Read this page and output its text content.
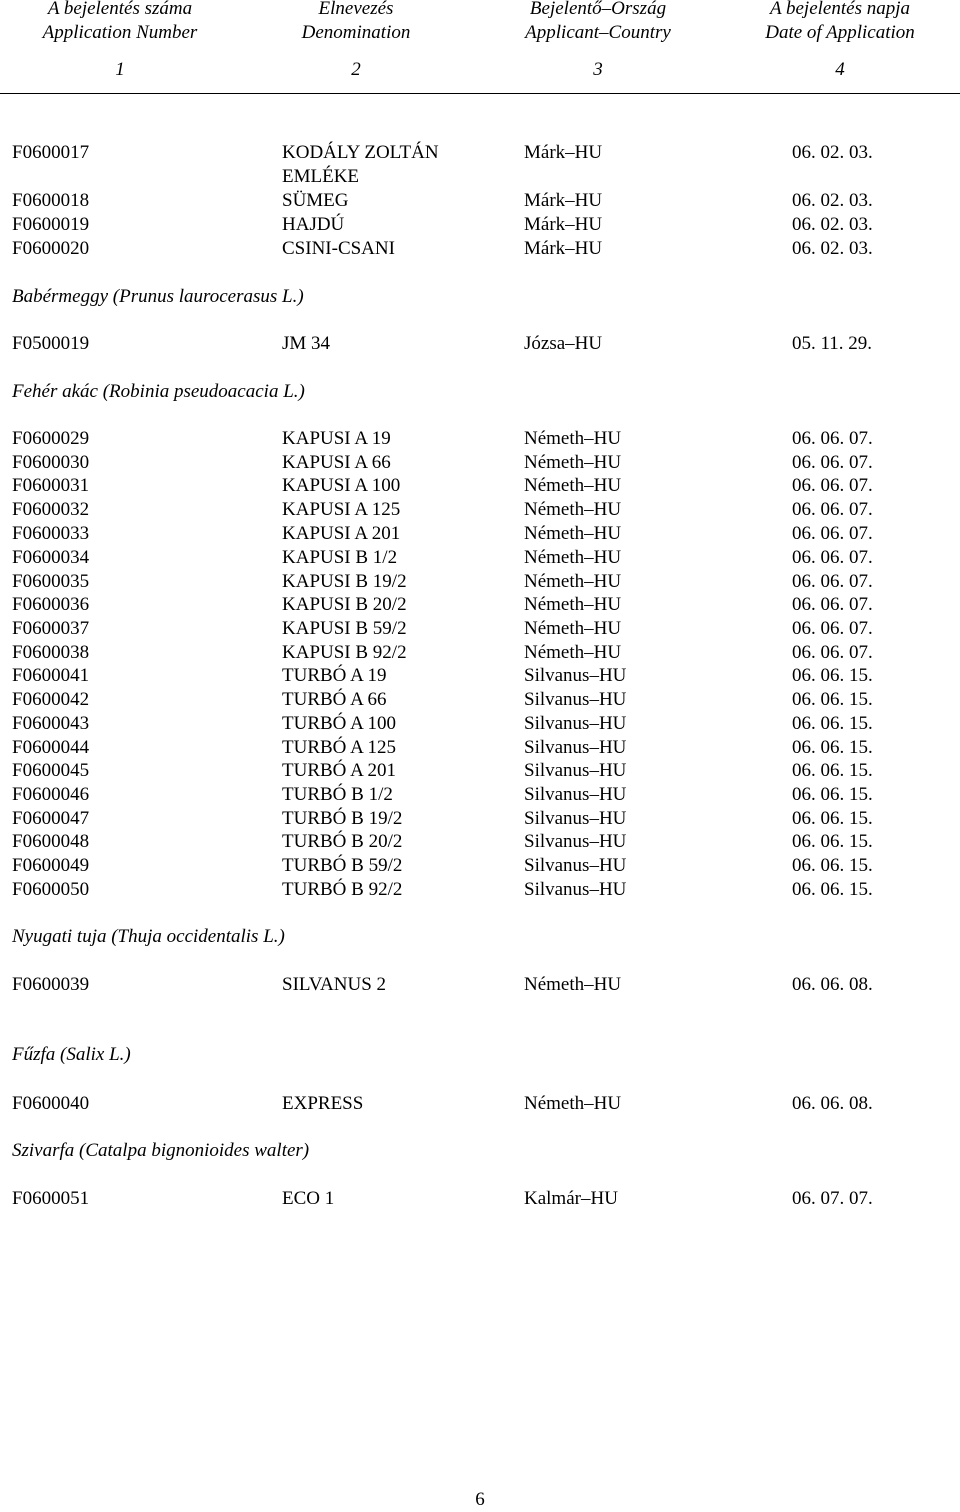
A bejelentés száma
Application Number
Elnevezés
Denomination
Bejelentő–Ország
Applicant–Country
A bejelentés napja
Date of Application
1	2	3	4
F0600017	KODÁLY ZOLTÁN	Márk–HU	06. 02. 03.
EMLÉKE
F0600018	SÜMEG	Márk–HU	06. 02. 03.
F0600019	HAJDÚ	Márk–HU	06. 02. 03.
F0600020	CSINI-CSANI	Márk–HU	06. 02. 03.
Babérmeggy (Prunus laurocerasus L.)
F0500019	JM 34	Józsa–HU	05. 11. 29.
Fehér akác (Robinia pseudoacacia L.)
F0600029	KAPUSI A 19	Németh–HU	06. 06. 07.
F0600030	KAPUSI A 66	Németh–HU	06. 06. 07.
F0600031	KAPUSI A 100	Németh–HU	06. 06. 07.
F0600032	KAPUSI A 125	Németh–HU	06. 06. 07.
F0600033	KAPUSI A 201	Németh–HU	06. 06. 07.
F0600034	KAPUSI B 1/2	Németh–HU	06. 06. 07.
F0600035	KAPUSI B 19/2	Németh–HU	06. 06. 07.
F0600036	KAPUSI B 20/2	Németh–HU	06. 06. 07.
F0600037	KAPUSI B 59/2	Németh–HU	06. 06. 07.
F0600038	KAPUSI B 92/2	Németh–HU	06. 06. 07.
F0600041	TURBÓ A 19	Silvanus–HU	06. 06. 15.
F0600042	TURBÓ A 66	Silvanus–HU	06. 06. 15.
F0600043	TURBÓ A 100	Silvanus–HU	06. 06. 15.
F0600044	TURBÓ A 125	Silvanus–HU	06. 06. 15.
F0600045	TURBÓ A 201	Silvanus–HU	06. 06. 15.
F0600046	TURBÓ B 1/2	Silvanus–HU	06. 06. 15.
F0600047	TURBÓ B 19/2	Silvanus–HU	06. 06. 15.
F0600048	TURBÓ B 20/2	Silvanus–HU	06. 06. 15.
F0600049	TURBÓ B 59/2	Silvanus–HU	06. 06. 15.
F0600050	TURBÓ B 92/2	Silvanus–HU	06. 06. 15.
Nyugati tuja (Thuja occidentalis L.)
F0600039	SILVANUS 2	Németh–HU	06. 06. 08.
Fűzfa (Salix L.)
F0600040	EXPRESS	Németh–HU	06. 06. 08.
Szivarfa (Catalpa bignonioides walter)
F0600051	ECO 1	Kalmár–HU	06. 07. 07.
6
